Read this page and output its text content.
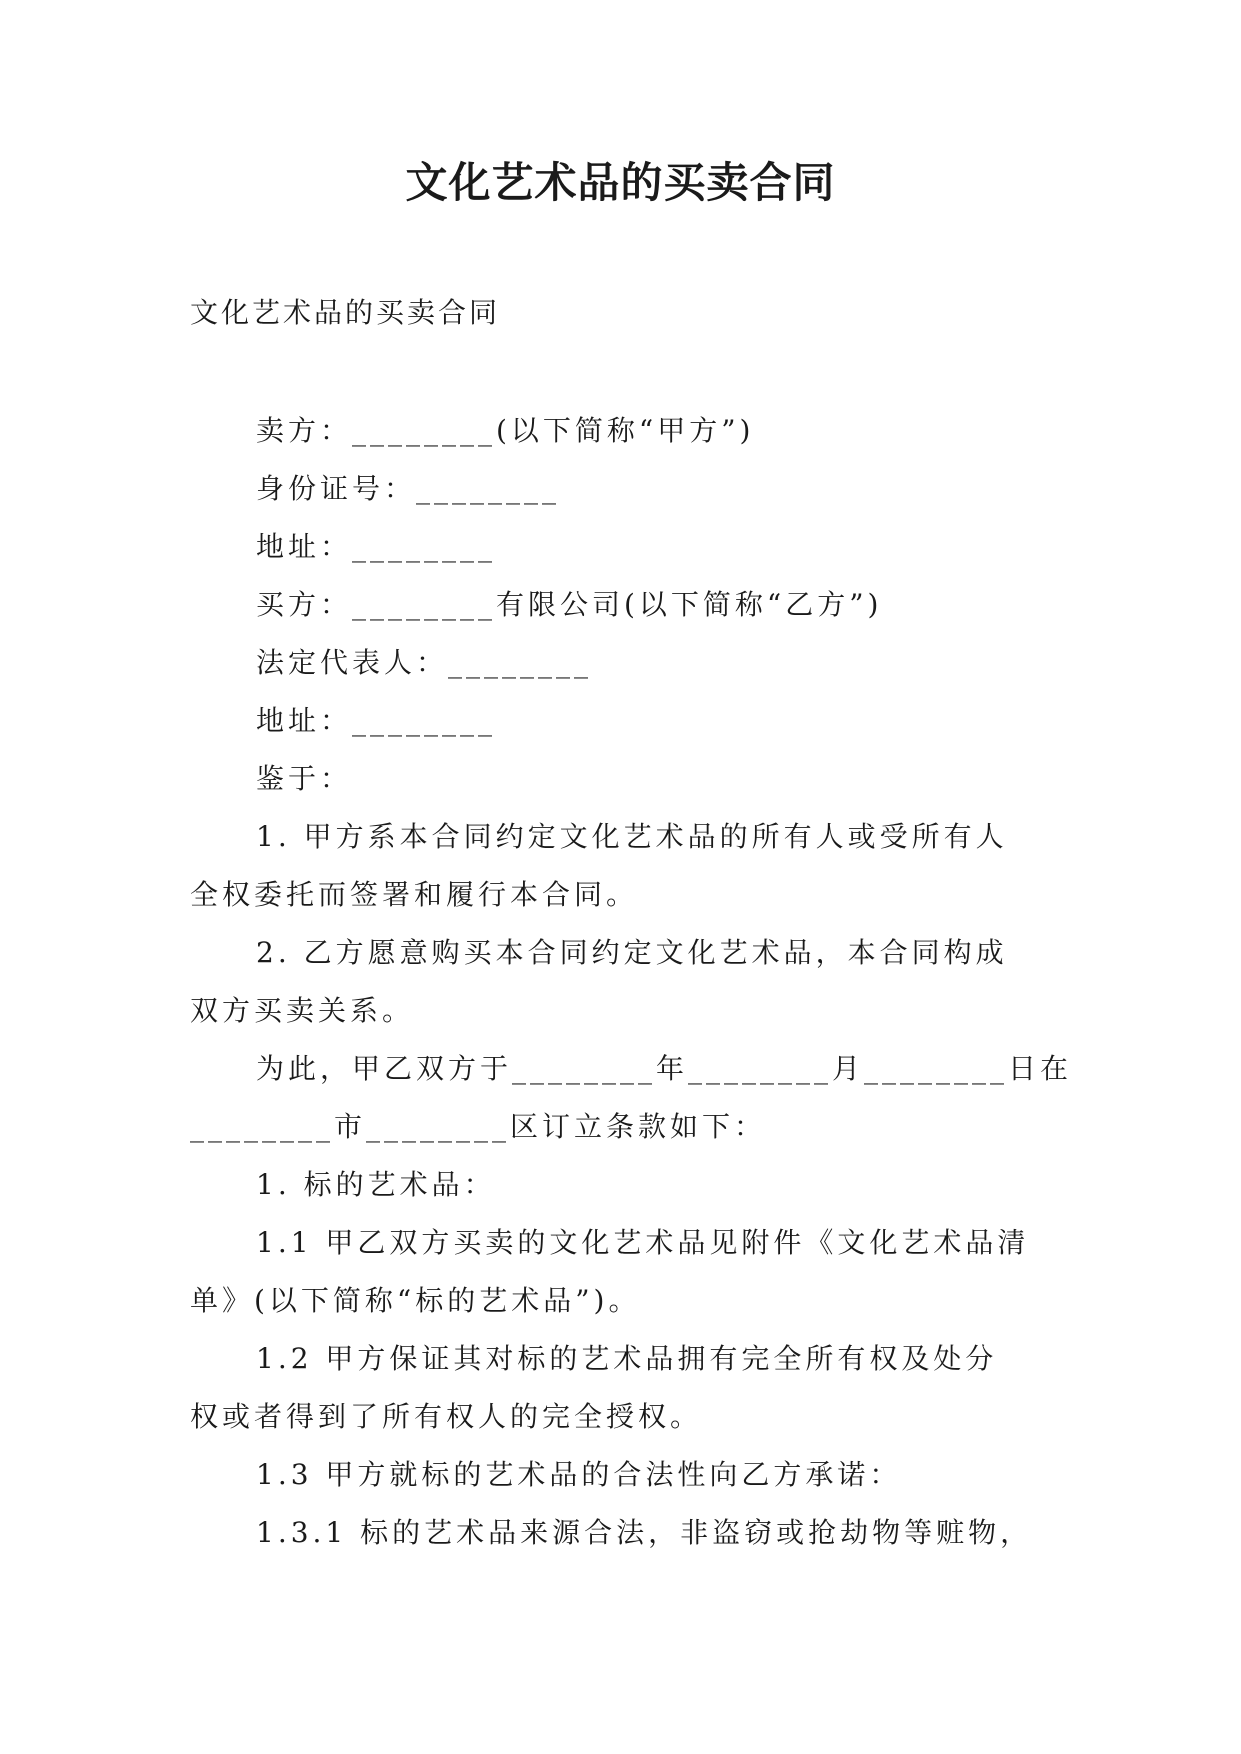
文化艺术品的买卖合同
文化艺术品的买卖合同
卖方：________(以下简称“甲方”)
身份证号：________
地址：________
买方：________有限公司(以下简称“乙方”)
法定代表人：________
地址：________
鉴于：
1. 甲方系本合同约定文化艺术品的所有人或受所有人
全权委托而签署和履行本合同。
2. 乙方愿意购买本合同约定文化艺术品，本合同构成
双方买卖关系。
为此，甲乙双方于________年________月________日在
________市________区订立条款如下：
1. 标的艺术品：
1.1 甲乙双方买卖的文化艺术品见附件《文化艺术品清
单》(以下简称“标的艺术品”)。
1.2 甲方保证其对标的艺术品拥有完全所有权及处分
权或者得到了所有权人的完全授权。
1.3 甲方就标的艺术品的合法性向乙方承诺：
1.3.1 标的艺术品来源合法，非盗窃或抢劫物等赃物，
